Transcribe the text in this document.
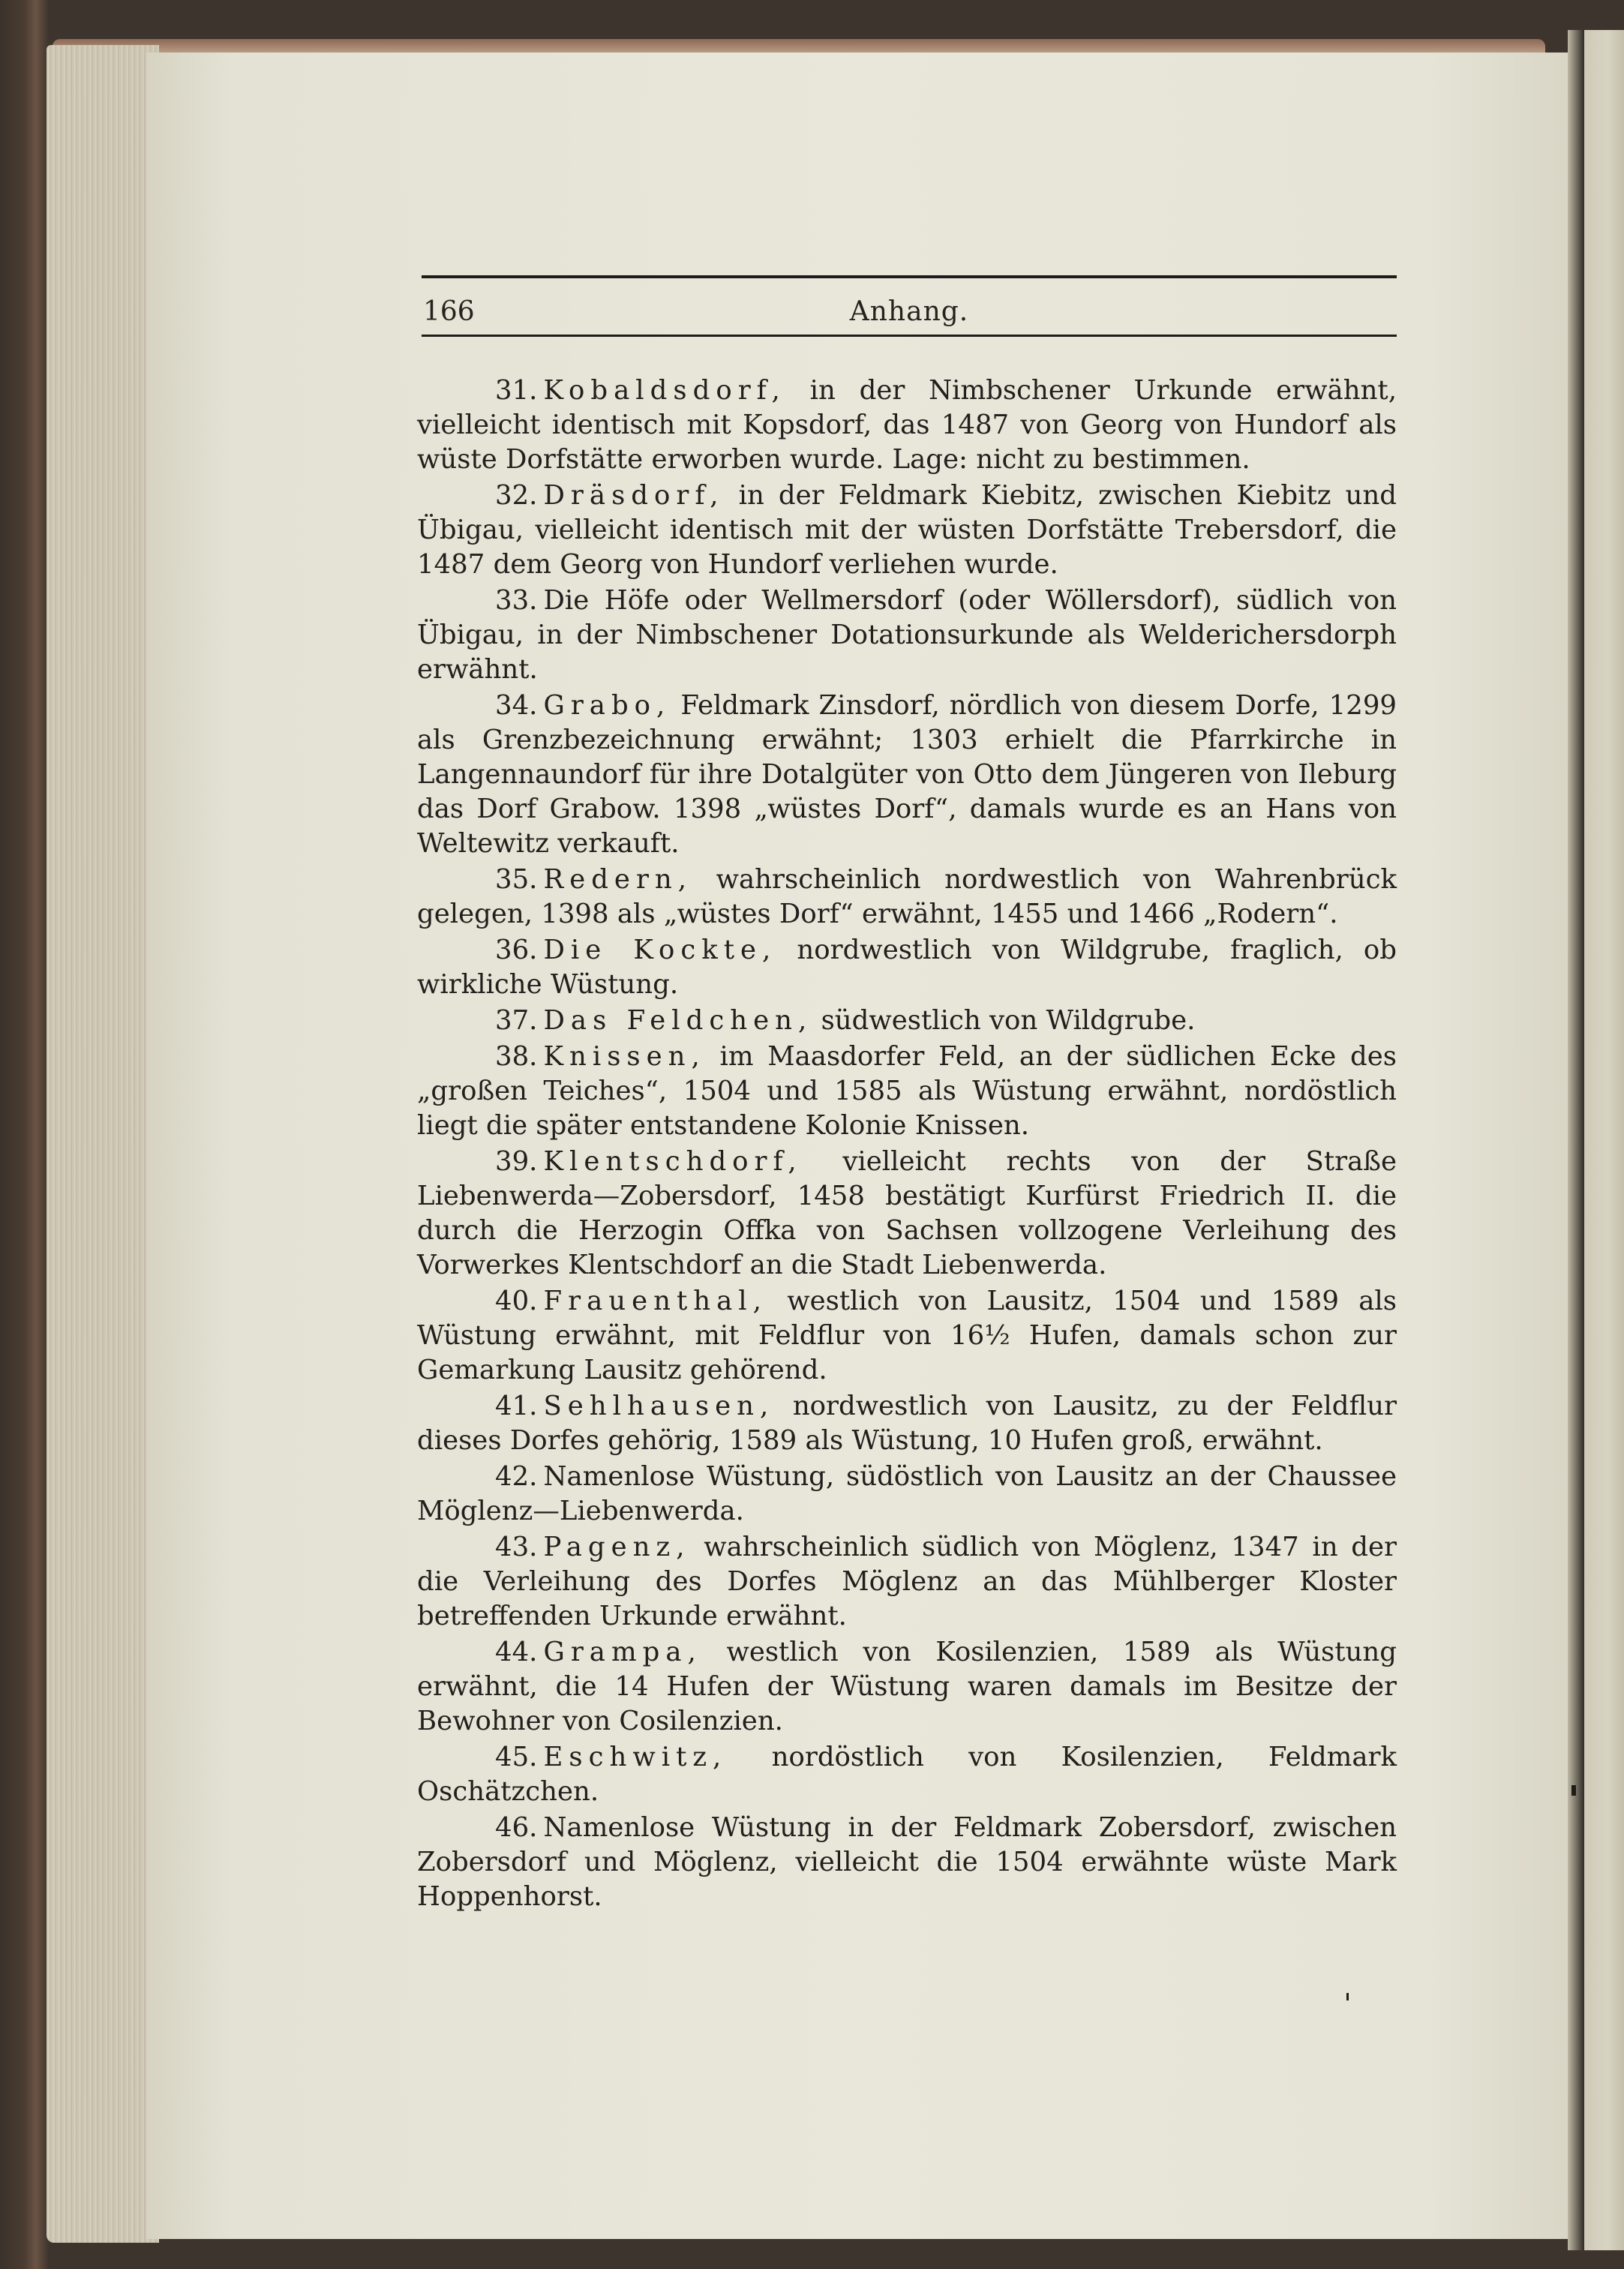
166	Anhang.

31. Kobaldsdorf, in der Nimbschener Urkunde erwähnt, vielleicht identisch mit Kopsdorf, das 1487 von Georg von Hundorf als wüste Dorfstätte erworben wurde. Lage: nicht zu bestimmen.

32. Dräsdorf, in der Feldmark Kiebitz, zwischen Kiebitz und Übigau, vielleicht identisch mit der wüsten Dorfstätte Trebersdorf, die 1487 dem Georg von Hundorf verliehen wurde.

33. Die Höfe oder Wellmersdorf (oder Wöllersdorf), südlich von Übigau, in der Nimbschener Dotationsurkunde als Welderichersdorph erwähnt.

34. Grabo, Feldmark Zinsdorf, nördlich von diesem Dorfe, 1299 als Grenzbezeichnung erwähnt; 1303 erhielt die Pfarrkirche in Langennaundorf für ihre Dotalgüter von Otto dem Jüngeren von Ileburg das Dorf Grabow. 1398 „wüstes Dorf“, damals wurde es an Hans von Weltewitz verkauft.

35. Redern, wahrscheinlich nordwestlich von Wahrenbrück gelegen, 1398 als „wüstes Dorf“ erwähnt, 1455 und 1466 „Rodern“.

36. Die Kockte, nordwestlich von Wildgrube, fraglich, ob wirkliche Wüstung.

37. Das Feldchen, südwestlich von Wildgrube.

38. Knissen, im Maasdorfer Feld, an der südlichen Ecke des „großen Teiches“, 1504 und 1585 als Wüstung erwähnt, nordöstlich liegt die später entstandene Kolonie Knissen.

39. Klentschdorf, vielleicht rechts von der Straße Liebenwerda—Zobersdorf, 1458 bestätigt Kurfürst Friedrich II. die durch die Herzogin Offka von Sachsen vollzogene Verleihung des Vorwerkes Klentschdorf an die Stadt Liebenwerda.

40. Frauenthal, westlich von Lausitz, 1504 und 1589 als Wüstung erwähnt, mit Feldflur von 16½ Hufen, damals schon zur Gemarkung Lausitz gehörend.

41. Sehlhausen, nordwestlich von Lausitz, zu der Feldflur dieses Dorfes gehörig, 1589 als Wüstung, 10 Hufen groß, erwähnt.

42. Namenlose Wüstung, südöstlich von Lausitz an der Chaussee Möglenz—Liebenwerda.

43. Pagenz, wahrscheinlich südlich von Möglenz, 1347 in der die Verleihung des Dorfes Möglenz an das Mühlberger Kloster betreffenden Urkunde erwähnt.

44. Grampa, westlich von Kosilenzien, 1589 als Wüstung erwähnt, die 14 Hufen der Wüstung waren damals im Besitze der Bewohner von Cosilenzien.

45. Eschwitz, nordöstlich von Kosilenzien, Feldmark Oschätzchen.

46. Namenlose Wüstung in der Feldmark Zobersdorf, zwischen Zobersdorf und Möglenz, vielleicht die 1504 erwähnte wüste Mark Hoppenhorst.
